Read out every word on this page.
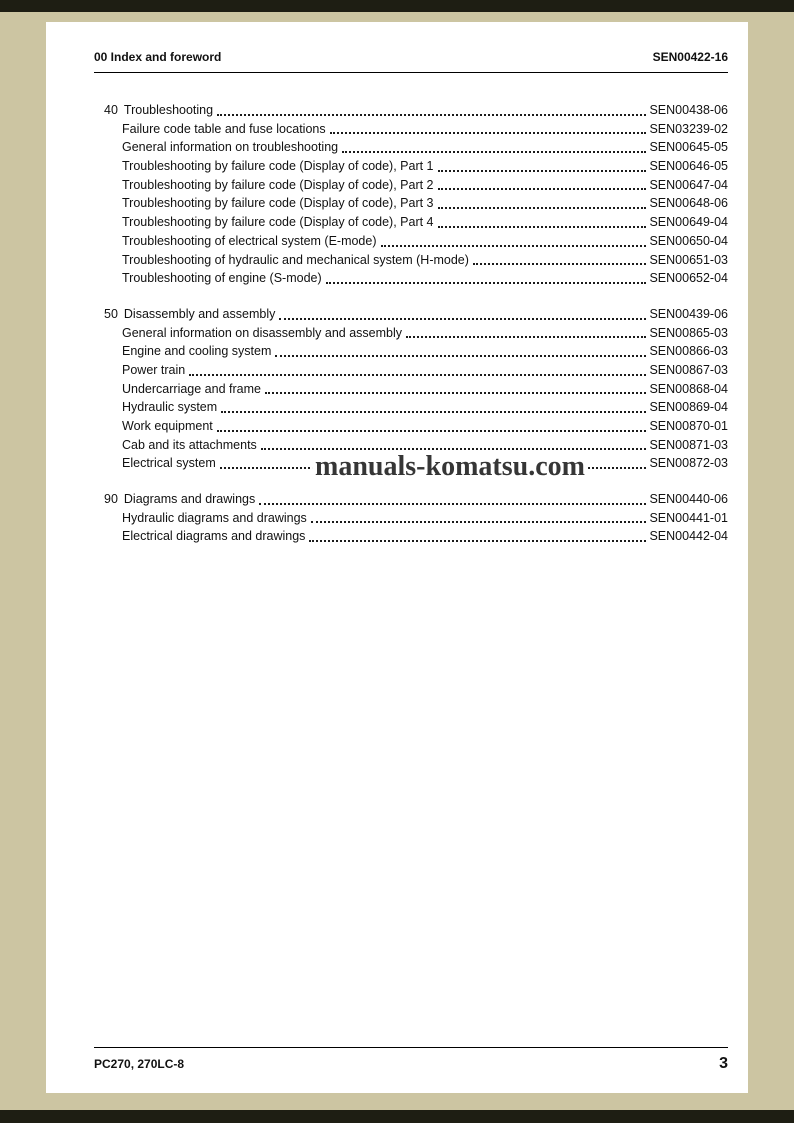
00 Index and foreword	SEN00422-16
40 Troubleshooting	SEN00438-06
Failure code table and fuse locations	SEN03239-02
General information on troubleshooting	SEN00645-05
Troubleshooting by failure code (Display of code), Part 1	SEN00646-05
Troubleshooting by failure code (Display of code), Part 2	SEN00647-04
Troubleshooting by failure code (Display of code), Part 3	SEN00648-06
Troubleshooting by failure code (Display of code), Part 4	SEN00649-04
Troubleshooting of electrical system (E-mode)	SEN00650-04
Troubleshooting of hydraulic and mechanical system (H-mode)	SEN00651-03
Troubleshooting of engine (S-mode)	SEN00652-04
50 Disassembly and assembly	SEN00439-06
General information on disassembly and assembly	SEN00865-03
Engine and cooling system	SEN00866-03
Power train	SEN00867-03
Undercarriage and frame	SEN00868-04
Hydraulic system	SEN00869-04
Work equipment	SEN00870-01
Cab and its attachments	SEN00871-03
Electrical system	SEN00872-03
90 Diagrams and drawings	SEN00440-06
Hydraulic diagrams and drawings	SEN00441-01
Electrical diagrams and drawings	SEN00442-04
PC270, 270LC-8	3
manuals-komatsu.com
